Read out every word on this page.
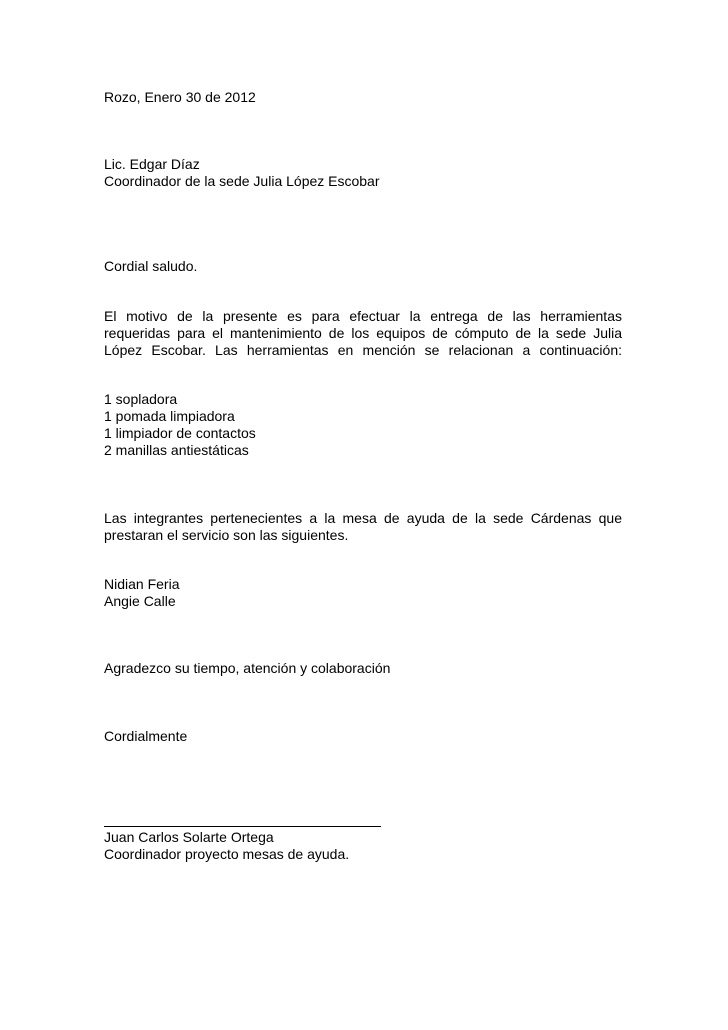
Rozo, Enero 30 de 2012
Lic. Edgar Díaz
Coordinador de la sede Julia López Escobar
Cordial saludo.
El motivo de la presente es para efectuar la entrega de las herramientas
requeridas para el mantenimiento de los equipos de cómputo de la sede Julia
López Escobar. Las herramientas en mención se relacionan a continuación:
1 sopladora
1 pomada limpiadora
1 limpiador de contactos
2 manillas antiestáticas
Las integrantes pertenecientes a la mesa de ayuda de la sede Cárdenas que
prestaran el servicio son las siguientes.
Nidian Feria
Angie Calle
Agradezco su tiempo, atención y colaboración
Cordialmente
Juan Carlos Solarte Ortega
Coordinador proyecto mesas de ayuda.
